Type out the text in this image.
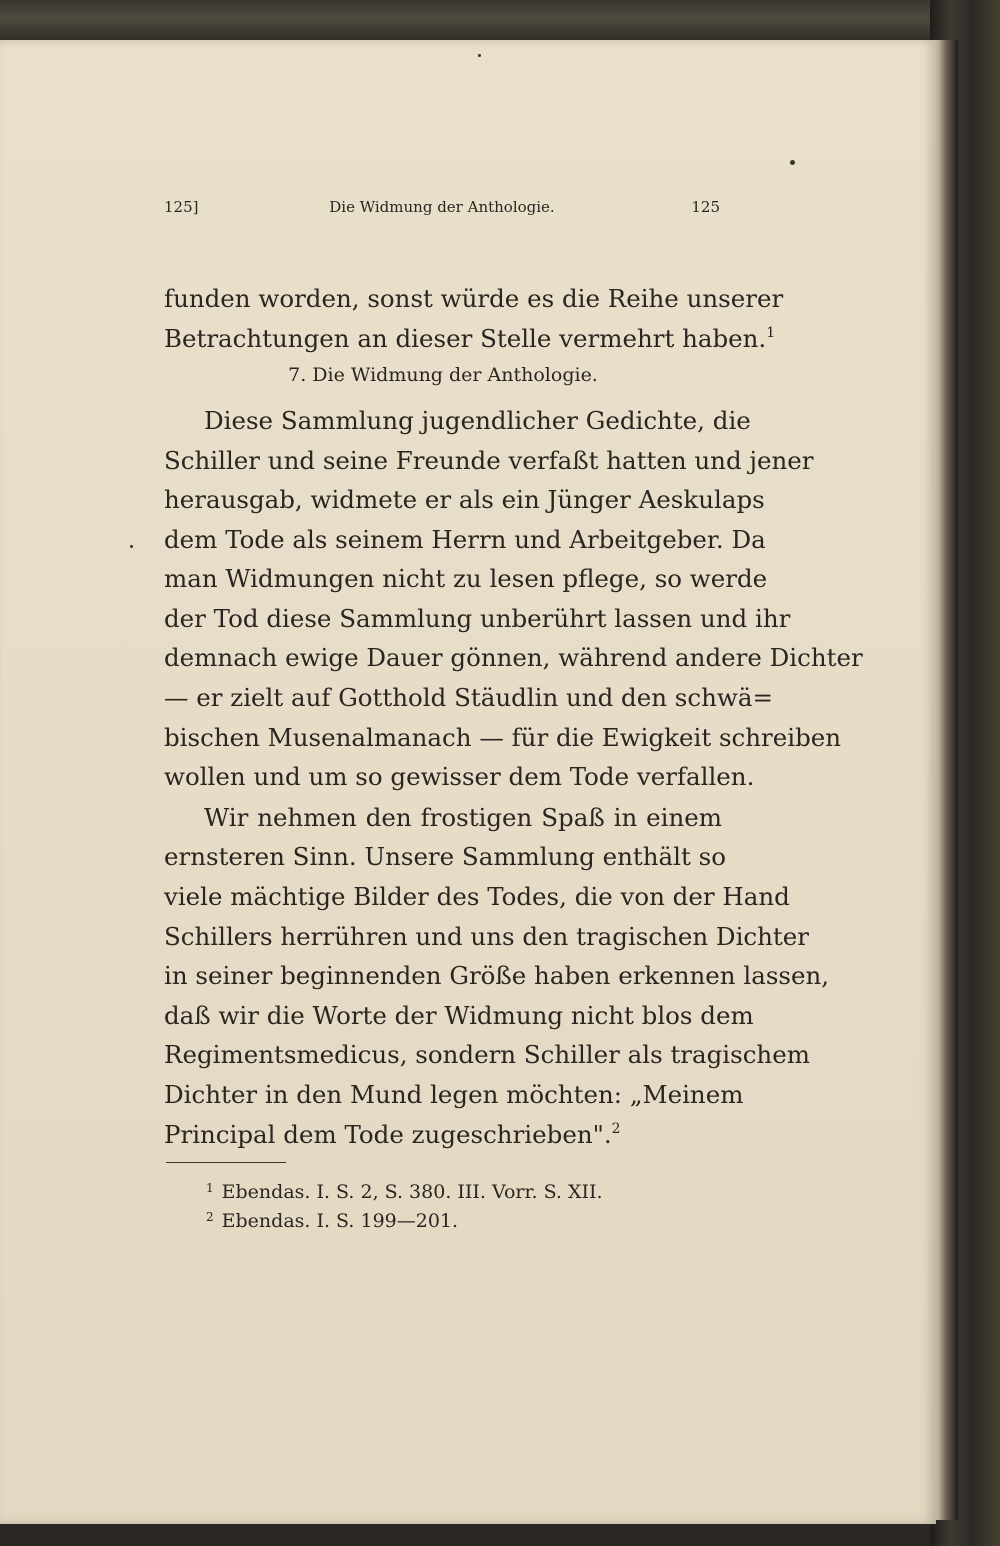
125]	Die Widmung der Anthologie.	125
funden worden, sonst würde es die Reihe unserer
Betrachtungen an dieser Stelle vermehrt haben.$^1$
7. Die Widmung der Anthologie.
Diese Sammlung jugendlicher Gedichte, die
Schiller und seine Freunde verfaßt hatten und jener
herausgab, widmete er als ein Jünger Aeskulaps
dem Tode als seinem Herrn und Arbeitgeber. Da
man Widmungen nicht zu lesen pflege, so werde
der Tod diese Sammlung unberührt lassen und ihr
demnach ewige Dauer gönnen, während andere Dichter
— er zielt auf Gotthold Stäudlin und den schwä=
bischen Musenalmanach — für die Ewigkeit schreiben
wollen und um so gewisser dem Tode verfallen.
Wir nehmen den frostigen Spaß in einem
ernsteren Sinn. Unsere Sammlung enthält so
viele mächtige Bilder des Todes, die von der Hand
Schillers herrühren und uns den tragischen Dichter
in seiner beginnenden Größe haben erkennen lassen,
daß wir die Worte der Widmung nicht blos dem
Regimentsmedicus, sondern Schiller als tragischem
Dichter in den Mund legen möchten: „Meinem
Principal dem Tode zugeschrieben".$^2$
$^1$ Ebendas. I. S. 2, S. 380. III. Vorr. S. XII.
$^2$ Ebendas. I. S. 199—201.
